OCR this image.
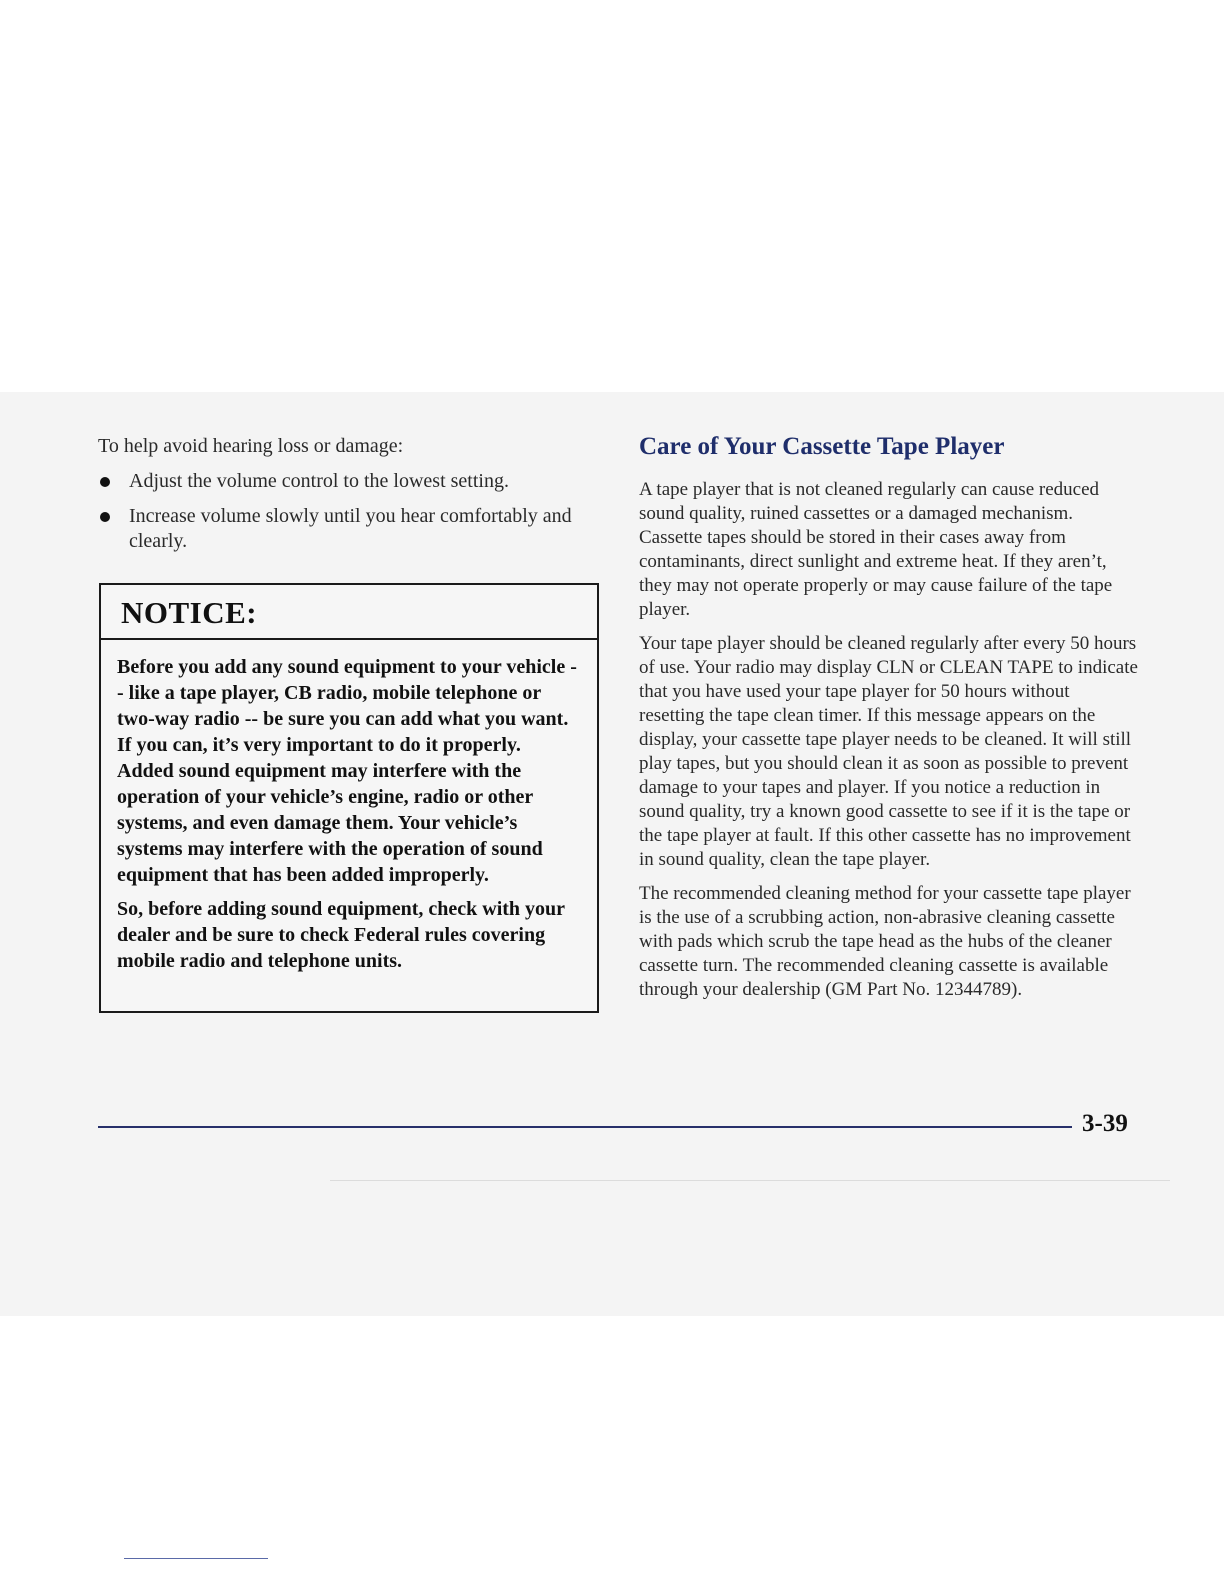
To help avoid hearing loss or damage:

Adjust the volume control to the lowest setting.
Increase volume slowly until you hear comfortably and clearly.
NOTICE:

Before you add any sound equipment to your vehicle -- like a tape player, CB radio, mobile telephone or two-way radio -- be sure you can add what you want. If you can, it’s very important to do it properly. Added sound equipment may interfere with the operation of your vehicle’s engine, radio or other systems, and even damage them. Your vehicle’s systems may interfere with the operation of sound equipment that has been added improperly.

So, before adding sound equipment, check with your dealer and be sure to check Federal rules covering mobile radio and telephone units.

Care of Your Cassette Tape Player

A tape player that is not cleaned regularly can cause reduced sound quality, ruined cassettes or a damaged mechanism. Cassette tapes should be stored in their cases away from contaminants, direct sunlight and extreme heat. If they aren’t, they may not operate properly or may cause failure of the tape player.

Your tape player should be cleaned regularly after every 50 hours of use. Your radio may display CLN or CLEAN TAPE to indicate that you have used your tape player for 50 hours without resetting the tape clean timer. If this message appears on the display, your cassette tape player needs to be cleaned. It will still play tapes, but you should clean it as soon as possible to prevent damage to your tapes and player. If you notice a reduction in sound quality, try a known good cassette to see if it is the tape or the tape player at fault. If this other cassette has no improvement in sound quality, clean the tape player.

The recommended cleaning method for your cassette tape player is the use of a scrubbing action, non-abrasive cleaning cassette with pads which scrub the tape head as the hubs of the cleaner cassette turn. The recommended cleaning cassette is available through your dealership (GM Part No. 12344789).

3-39
